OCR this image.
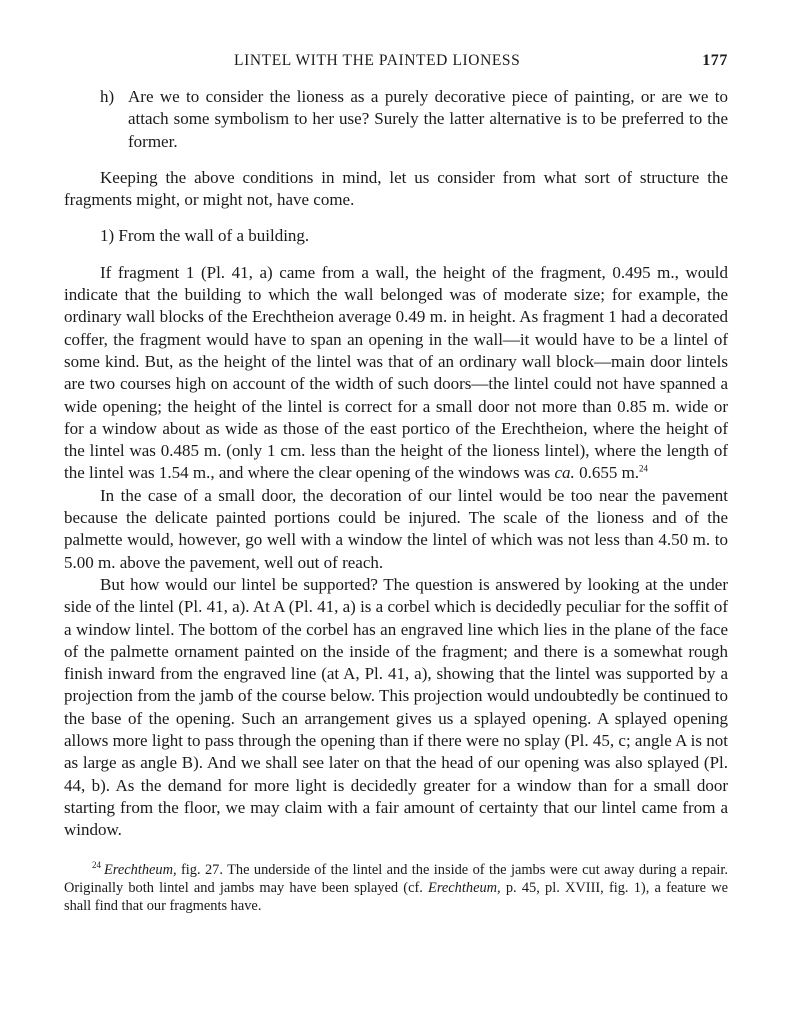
LINTEL WITH THE PAINTED LIONESS	177
h) Are we to consider the lioness as a purely decorative piece of painting, or are we to attach some symbolism to her use? Surely the latter alternative is to be preferred to the former.

Keeping the above conditions in mind, let us consider from what sort of structure the fragments might, or might not, have come.

1) From the wall of a building.

If fragment 1 (Pl. 41, a) came from a wall, the height of the fragment, 0.495 m., would indicate that the building to which the wall belonged was of moderate size; for example, the ordinary wall blocks of the Erechtheion average 0.49 m. in height. As fragment 1 had a decorated coffer, the fragment would have to span an opening in the wall—it would have to be a lintel of some kind. But, as the height of the lintel was that of an ordinary wall block—main door lintels are two courses high on account of the width of such doors—the lintel could not have spanned a wide opening; the height of the lintel is correct for a small door not more than 0.85 m. wide or for a window about as wide as those of the east portico of the Erechtheion, where the height of the lintel was 0.485 m. (only 1 cm. less than the height of the lioness lintel), where the length of the lintel was 1.54 m., and where the clear opening of the windows was ca. 0.655 m.$^{24}$

In the case of a small door, the decoration of our lintel would be too near the pavement because the delicate painted portions could be injured. The scale of the lioness and of the palmette would, however, go well with a window the lintel of which was not less than 4.50 m. to 5.00 m. above the pavement, well out of reach.

But how would our lintel be supported? The question is answered by looking at the under side of the lintel (Pl. 41, a). At A (Pl. 41, a) is a corbel which is decidedly peculiar for the soffit of a window lintel. The bottom of the corbel has an engraved line which lies in the plane of the face of the palmette ornament painted on the inside of the fragment; and there is a somewhat rough finish inward from the engraved line (at A, Pl. 41, a), showing that the lintel was supported by a projection from the jamb of the course below. This projection would undoubtedly be continued to the base of the opening. Such an arrangement gives us a splayed opening. A splayed opening allows more light to pass through the opening than if there were no splay (Pl. 45, c; angle A is not as large as angle B). And we shall see later on that the head of our opening was also splayed (Pl. 44, b). As the demand for more light is decidedly greater for a window than for a small door starting from the floor, we may claim with a fair amount of certainty that our lintel came from a window.

$^{24}$ Erechtheum, fig. 27. The underside of the lintel and the inside of the jambs were cut away during a repair. Originally both lintel and jambs may have been splayed (cf. Erechtheum, p. 45, pl. XVIII, fig. 1), a feature we shall find that our fragments have.
